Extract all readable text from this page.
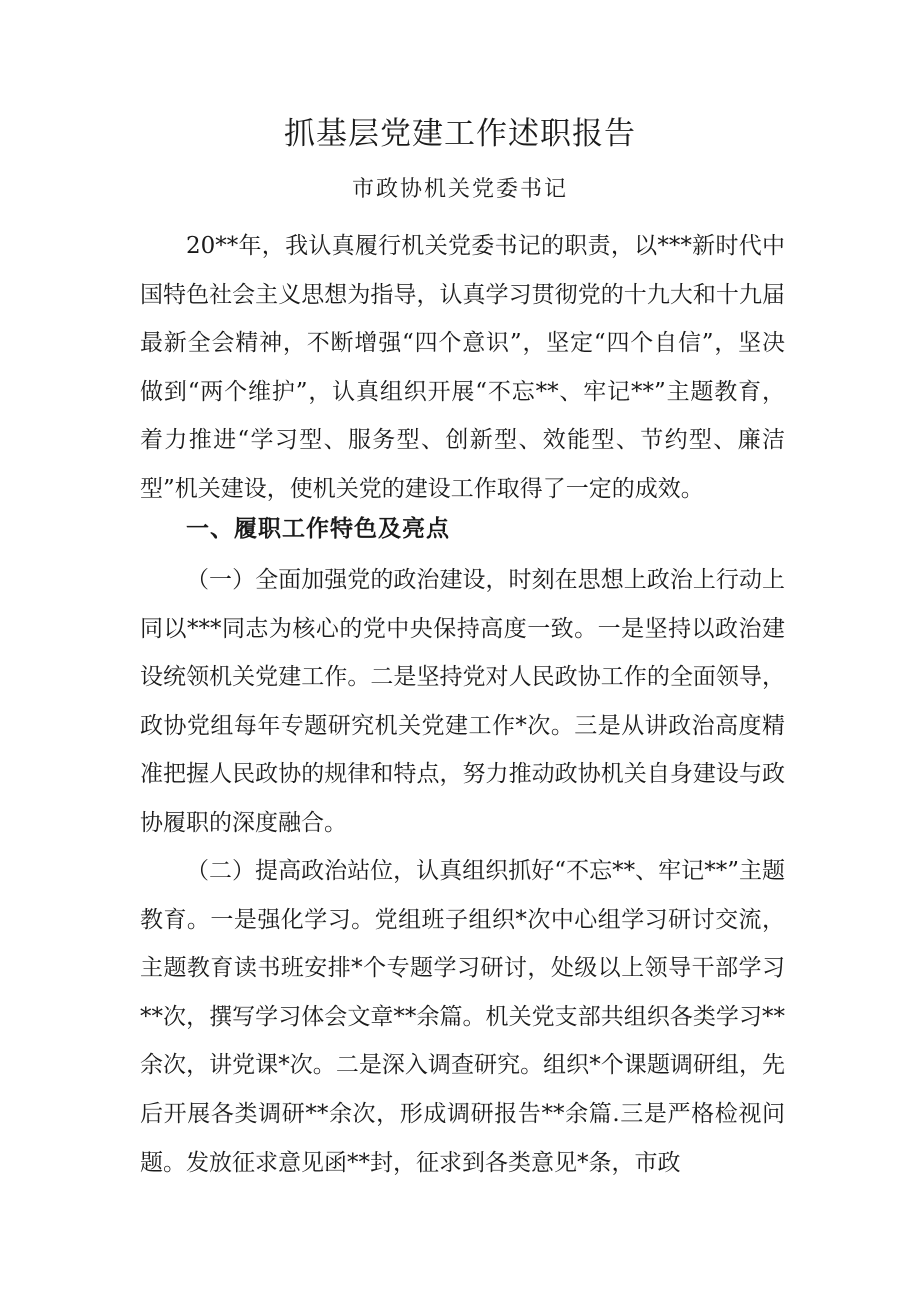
抓基层党建工作述职报告
市政协机关党委书记

20**年，我认真履行机关党委书记的职责，以***新时代中国特色社会主义思想为指导，认真学习贯彻党的十九大和十九届最新全会精神，不断增强“四个意识”，坚定“四个自信”，坚决做到“两个维护”，认真组织开展“不忘**、牢记**”主题教育，着力推进“学习型、服务型、创新型、效能型、节约型、廉洁型”机关建设，使机关党的建设工作取得了一定的成效。

一、履职工作特色及亮点

（一）全面加强党的政治建设，时刻在思想上政治上行动上同以***同志为核心的党中央保持高度一致。一是坚持以政治建设统领机关党建工作。二是坚持党对人民政协工作的全面领导，政协党组每年专题研究机关党建工作*次。三是从讲政治高度精准把握人民政协的规律和特点，努力推动政协机关自身建设与政协履职的深度融合。

（二）提高政治站位，认真组织抓好“不忘**、牢记**”主题教育。一是强化学习。党组班子组织*次中心组学习研讨交流，主题教育读书班安排*个专题学习研讨，处级以上领导干部学习**次，撰写学习体会文章**余篇。机关党支部共组织各类学习**余次，讲党课*次。二是深入调查研究。组织*个课题调研组，先后开展各类调研**余次，形成调研报告**余篇.三是严格检视问题。发放征求意见函**封，征求到各类意见*条，市政
